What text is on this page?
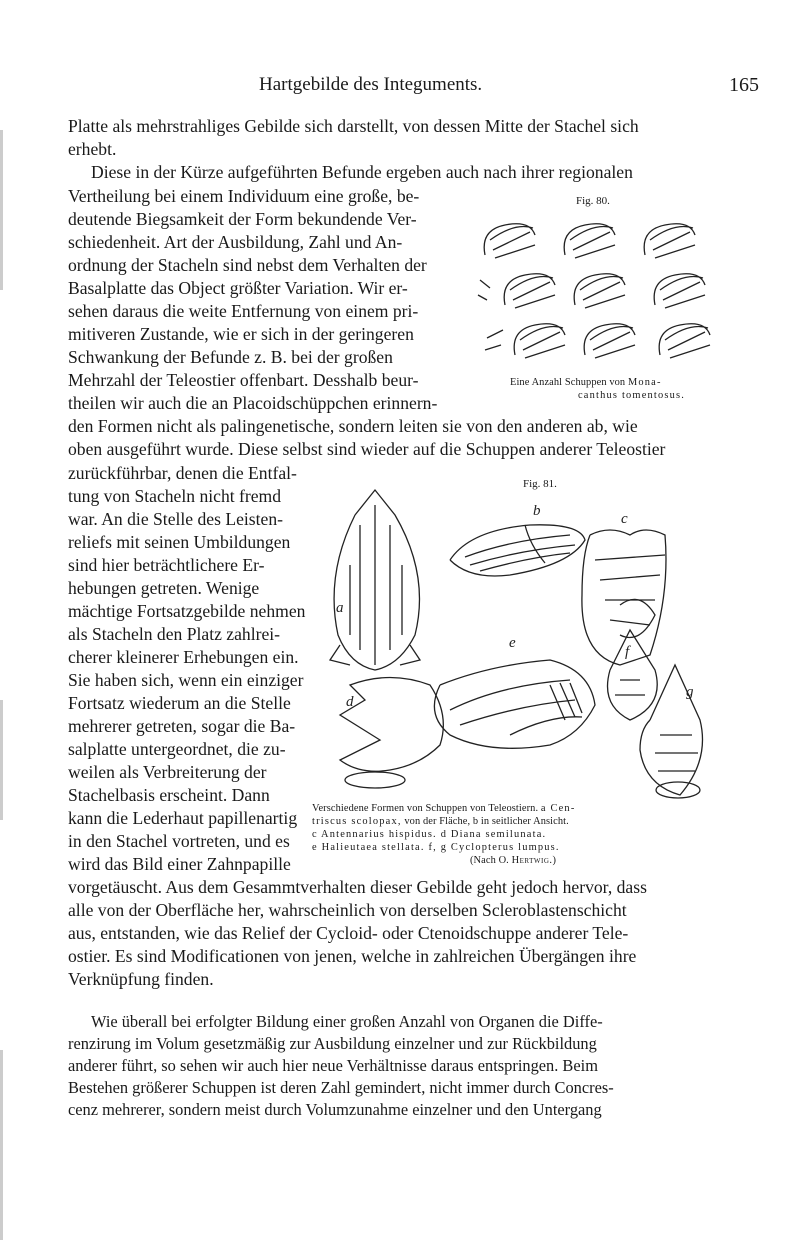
Hartgebilde des Integuments.	165
Platte als mehrstrahliges Gebilde sich darstellt, von dessen Mitte der Stachel sich
erhebt.
Diese in der Kürze aufgeführten Befunde ergeben auch nach ihrer regionalen
Vertheilung bei einem Individuum eine große, be-
deutende Biegsamkeit der Form bekundende Ver-
schiedenheit. Art der Ausbildung, Zahl und An-
ordnung der Stacheln sind nebst dem Verhalten der
Basalplatte das Object größter Variation. Wir er-
sehen daraus die weite Entfernung von einem pri-
mitiveren Zustande, wie er sich in der geringeren
Schwankung der Befunde z. B. bei der großen
Mehrzahl der Teleostier offenbart. Desshalb beur-
theilen wir auch die an Placoidschüppchen erinnern-
Fig. 80.
Eine Anzahl Schuppen von Mona-
canthus tomentosus.
den Formen nicht als palingenetische, sondern leiten sie von den anderen ab, wie
oben ausgeführt wurde. Diese selbst sind wieder auf die Schuppen anderer Teleostier
zurückführbar, denen die Entfal-
tung von Stacheln nicht fremd
war. An die Stelle des Leisten-
reliefs mit seinen Umbildungen
sind hier beträchtlichere Er-
hebungen getreten. Wenige
mächtige Fortsatzgebilde nehmen
als Stacheln den Platz zahlrei-
cherer kleinerer Erhebungen ein.
Sie haben sich, wenn ein einziger
Fortsatz wiederum an die Stelle
mehrerer getreten, sogar die Ba-
salplatte untergeordnet, die zu-
weilen als Verbreiterung der
Stachelbasis erscheint. Dann
kann die Lederhaut papillenartig
in den Stachel vortreten, und es
wird das Bild einer Zahnpapille
Fig. 81.
a
b	c
d
e
f
g
Verschiedene Formen von Schuppen von Teleostiern. a Cen-
triscus scolopax, von der Fläche, b in seitlicher Ansicht.
c Antennarius hispidus. d Diana semilunata.
e Halieutaea stellata. f, g Cyclopterus lumpus.
(Nach O. Hertwig.)
vorgetäuscht. Aus dem Gesammtverhalten dieser Gebilde geht jedoch hervor, dass
alle von der Oberfläche her, wahrscheinlich von derselben Scleroblastenschicht
aus, entstanden, wie das Relief der Cycloid- oder Ctenoidschuppe anderer Tele-
ostier. Es sind Modificationen von jenen, welche in zahlreichen Übergängen ihre
Verknüpfung finden.
Wie überall bei erfolgter Bildung einer großen Anzahl von Organen die Diffe-
renzirung im Volum gesetzmäßig zur Ausbildung einzelner und zur Rückbildung
anderer führt, so sehen wir auch hier neue Verhältnisse daraus entspringen. Beim
Bestehen größerer Schuppen ist deren Zahl gemindert, nicht immer durch Concres-
cenz mehrerer, sondern meist durch Volumzunahme einzelner und den Untergang
